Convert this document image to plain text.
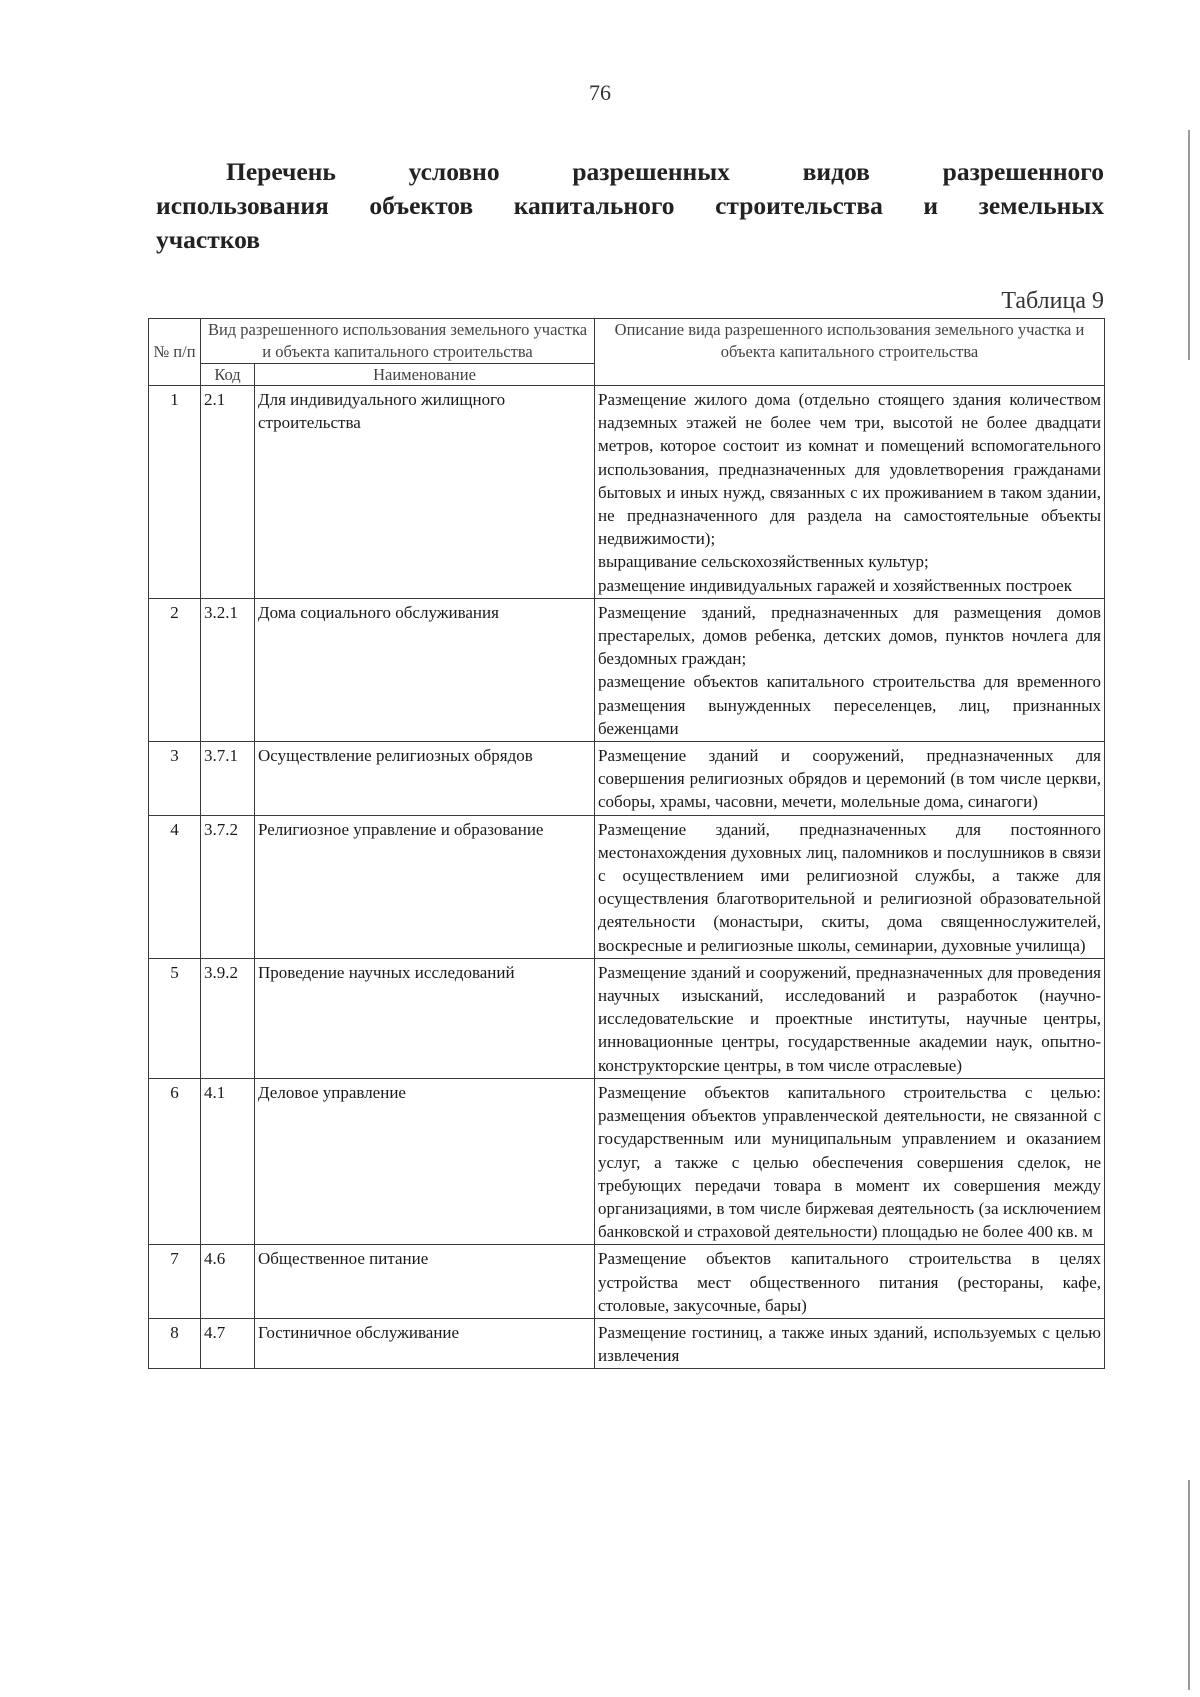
76
Перечень условно разрешенных видов разрешенного
использования объектов капитального строительства и земельных
участков
Таблица 9
№ п/п	Вид разрешенного использования земельного участка и объекта капитального строительства		Описание вида разрешенного использования земельного участка и объекта капитального строительства
	Код	Наименование	
1	2.1	Для индивидуального жилищного строительства	Размещение жилого дома (отдельно стоящего здания количеством надземных этажей не более чем три, высотой не более двадцати метров, которое состоит из комнат и помещений вспомогательного использования, предназначенных для удовлетворения гражданами бытовых и иных нужд, связанных с их проживанием в таком здании, не предназначенного для раздела на самостоятельные объекты недвижимости);
выращивание сельскохозяйственных культур;
размещение индивидуальных гаражей и хозяйственных построек

2	3.2.1	Дома социального обслуживания	Размещение зданий, предназначенных для размещения домов престарелых, домов ребенка, детских домов, пунктов ночлега для бездомных граждан;
размещение объектов капитального строительства для временного размещения вынужденных переселенцев, лиц, признанных беженцами

3	3.7.1	Осуществление религиозных обрядов	Размещение зданий и сооружений, предназначенных для совершения религиозных обрядов и церемоний (в том числе церкви, соборы, храмы, часовни, мечети, молельные дома, синагоги)

4	3.7.2	Религиозное управление и образование	Размещение зданий, предназначенных для постоянного местонахождения духовных лиц, паломников и послушников в связи с осуществлением ими религиозной службы, а также для осуществления благотворительной и религиозной образовательной деятельности (монастыри, скиты, дома священнослужителей, воскресные и религиозные школы, семинарии, духовные училища)

5	3.9.2	Проведение научных исследований	Размещение зданий и сооружений, предназначенных для проведения научных изысканий, исследований и разработок (научно-исследовательские и проектные институты, научные центры, инновационные центры, государственные академии наук, опытно-конструкторские центры, в том числе отраслевые)

6	4.1	Деловое управление	Размещение объектов капитального строительства с целью: размещения объектов управленческой деятельности, не связанной с государственным или муниципальным управлением и оказанием услуг, а также с целью обеспечения совершения сделок, не требующих передачи товара в момент их совершения между организациями, в том числе биржевая деятельность (за исключением банковской и страховой деятельности) площадью не более 400 кв. м

7	4.6	Общественное питание	Размещение объектов капитального строительства в целях устройства мест общественного питания (рестораны, кафе, столовые, закусочные, бары)

8	4.7	Гостиничное обслуживание	Размещение гостиниц, а также иных зданий, используемых с целью извлечения
